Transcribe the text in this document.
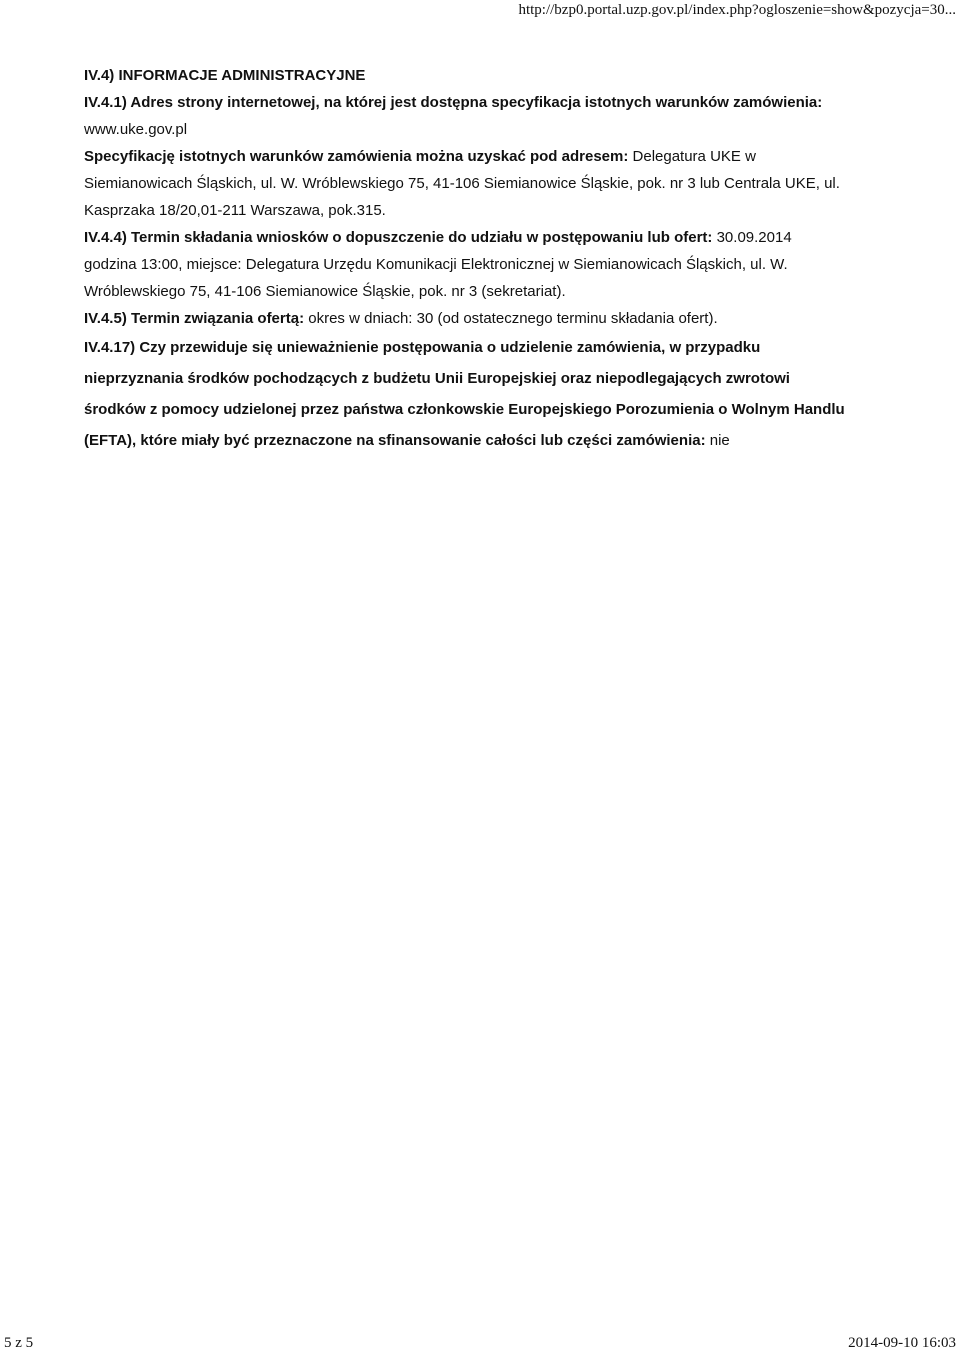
http://bzp0.portal.uzp.gov.pl/index.php?ogloszenie=show&pozycja=30...
IV.4) INFORMACJE ADMINISTRACYJNE
IV.4.1) Adres strony internetowej, na której jest dostępna specyfikacja istotnych warunków zamówienia:
www.uke.gov.pl
Specyfikację istotnych warunków zamówienia można uzyskać pod adresem: Delegatura UKE w
Siemianowicach Śląskich, ul. W. Wróblewskiego 75, 41-106 Siemianowice Śląskie, pok. nr 3 lub Centrala UKE, ul.
Kasprzaka 18/20,01-211 Warszawa, pok.315.
IV.4.4) Termin składania wniosków o dopuszczenie do udziału w postępowaniu lub ofert: 30.09.2014
godzina 13:00, miejsce: Delegatura Urzędu Komunikacji Elektronicznej w Siemianowicach Śląskich, ul. W.
Wróblewskiego 75, 41-106 Siemianowice Śląskie, pok. nr 3 (sekretariat).
IV.4.5) Termin związania ofertą: okres w dniach: 30 (od ostatecznego terminu składania ofert).
IV.4.17) Czy przewiduje się unieważnienie postępowania o udzielenie zamówienia, w przypadku
nieprzyznania środków pochodzących z budżetu Unii Europejskiej oraz niepodlegających zwrotowi
środków z pomocy udzielonej przez państwa członkowskie Europejskiego Porozumienia o Wolnym Handlu
(EFTA), które miały być przeznaczone na sfinansowanie całości lub części zamówienia: nie
5 z 5	2014-09-10 16:03
